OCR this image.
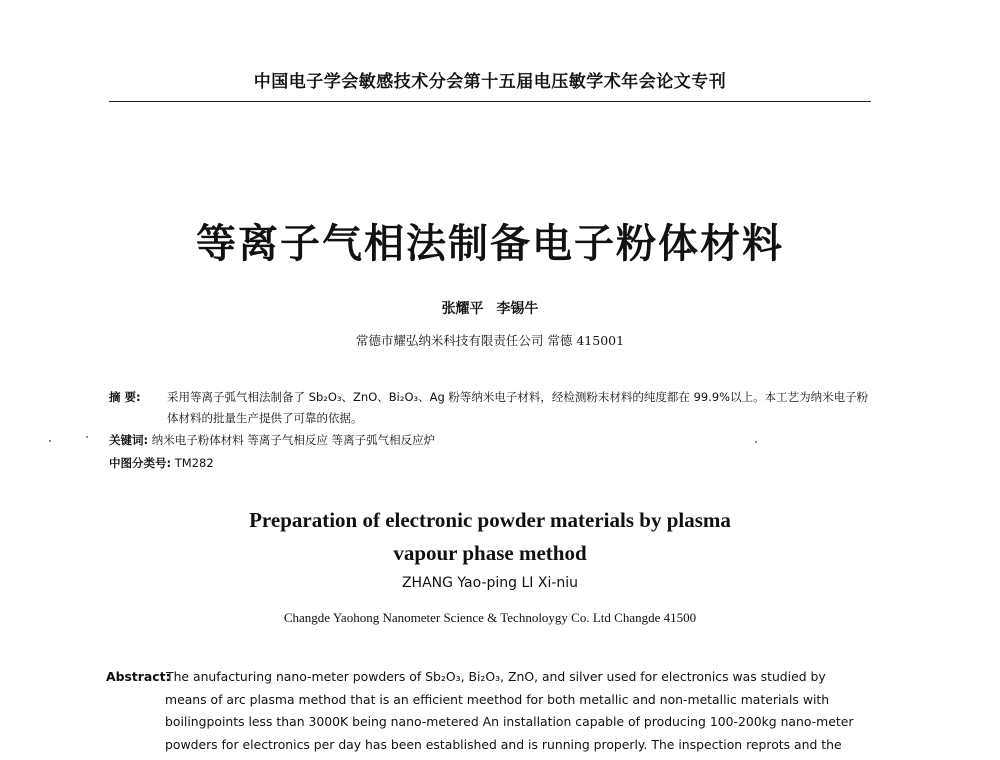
中国电子学会敏感技术分会第十五届电压敏学术年会论文专刊
等离子气相法制备电子粉体材料
张耀平 李锡牛
常德市耀弘纳米科技有限责任公司 常德 415001
摘 要: 采用等离子弧气相法制备了 Sb₂O₃、ZnO、Bi₂O₃、Ag 粉等纳米电子材料，经检测粉末材料的纯度都在 99.9%以上。本工艺为纳米电子粉体材料的批量生产提供了可靠的依据。
关键词: 纳米电子粉体材料 等离子气相反应 等离子弧气相反应炉
中图分类号: TM282
Preparation of electronic powder materials by plasma
vapour phase method
ZHANG Yao-ping LI Xi-niu
Changde Yaohong Nanometer Science & Technoloygy Co. Ltd Changde 41500
Abstract:
The anufacturing nano-meter powders of Sb₂O₃, Bi₂O₃, ZnO, and silver used for electronics was studied by
means of arc plasma method that is an efficient meethod for both metallic and non-metallic materials with
boilingpoints less than 3000K being nano-metered An installation capable of producing 100-200kg nano-meter
powders for electronics per day has been established and is running properly. The inspection reprots and the
